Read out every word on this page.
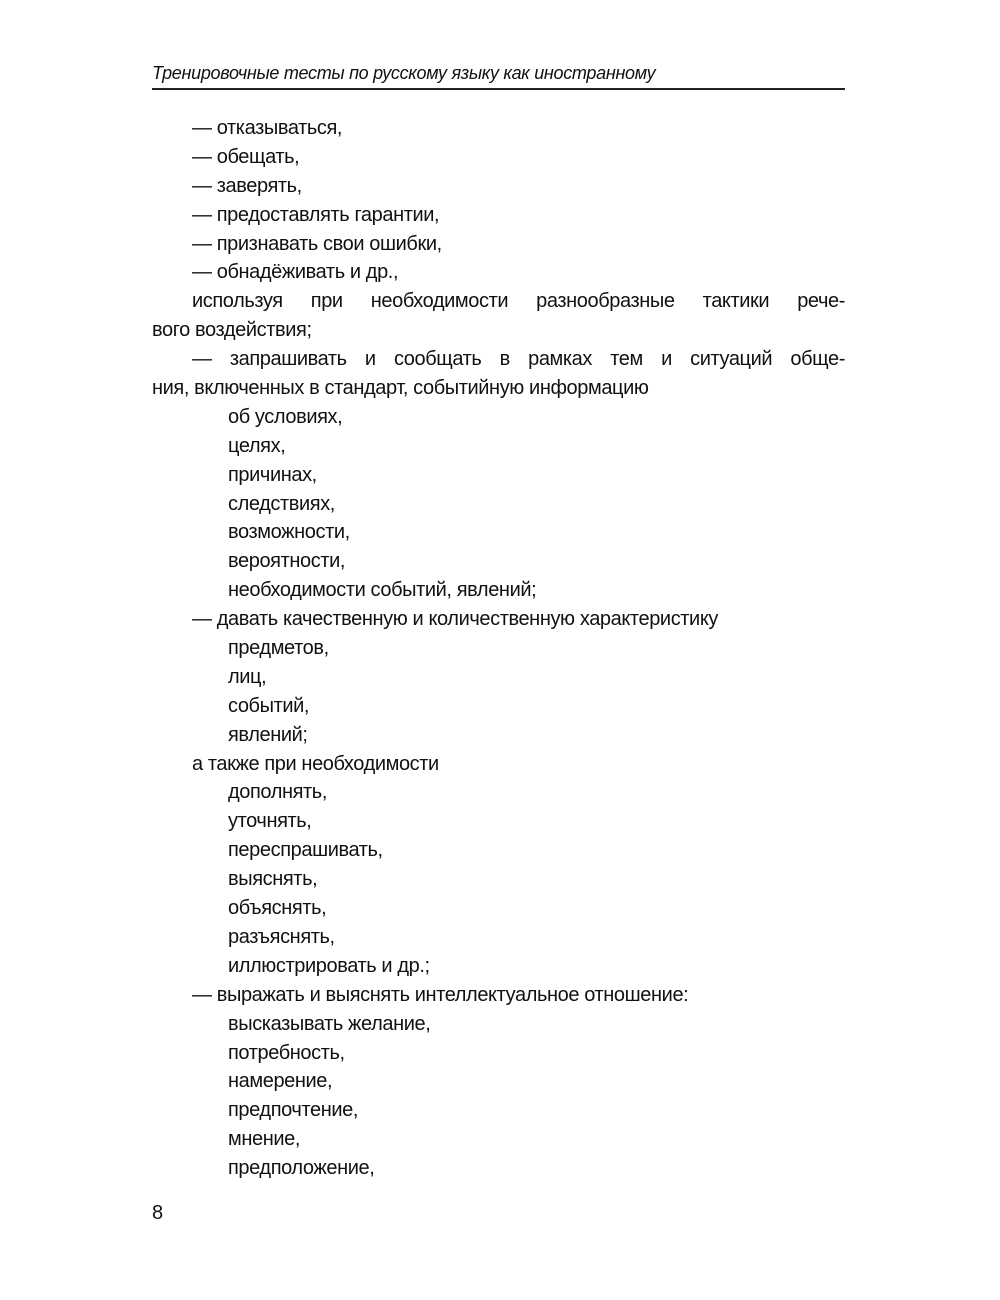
Тренировочные тесты по русскому языку как иностранному
— отказываться,
— обещать,
— заверять,
— предоставлять гарантии,
— признавать свои ошибки,
— обнадёживать и др.,
используя при необходимости разнообразные тактики рече-
вого воздействия;
— запрашивать и сообщать в рамках тем и ситуаций обще-
ния, включенных в стандарт, событийную информацию
об условиях,
целях,
причинах,
следствиях,
возможности,
вероятности,
необходимости событий, явлений;
— давать качественную и количественную характеристику
предметов,
лиц,
событий,
явлений;
а также при необходимости
дополнять,
уточнять,
переспрашивать,
выяснять,
объяснять,
разъяснять,
иллюстрировать и др.;
— выражать и выяснять интеллектуальное отношение:
высказывать желание,
потребность,
намерение,
предпочтение,
мнение,
предположение,
8
